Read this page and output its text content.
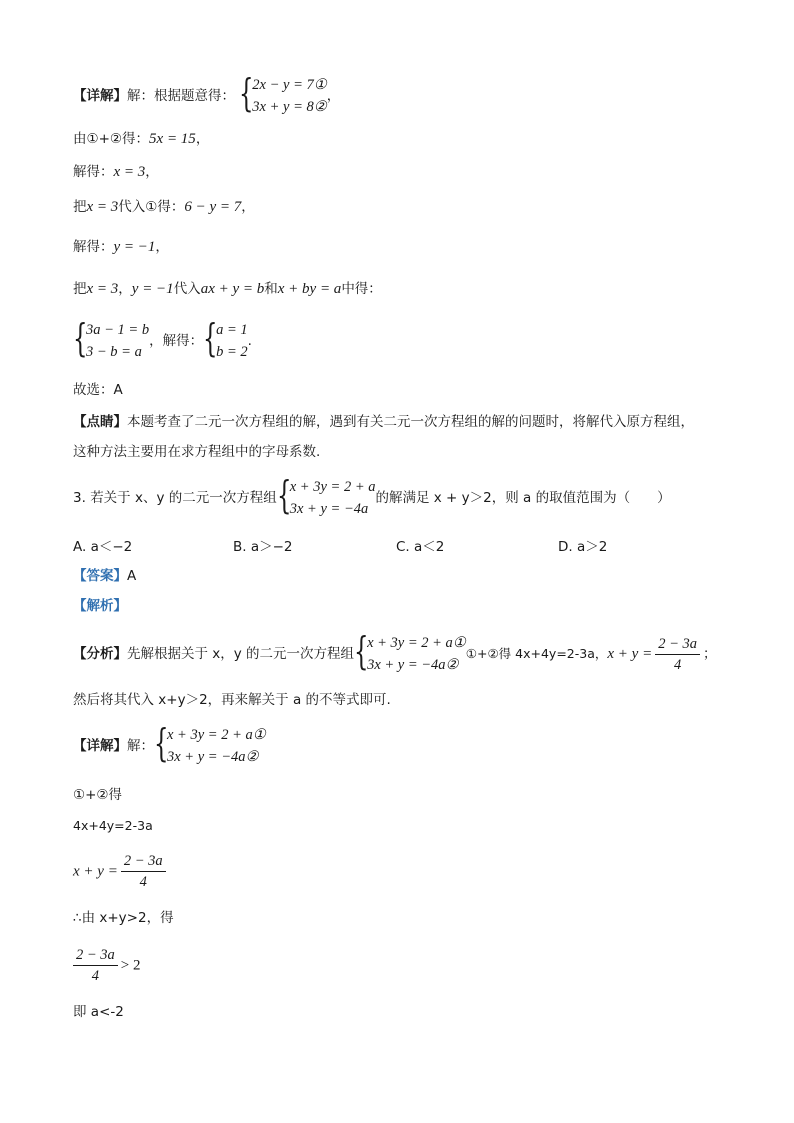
【详解】解：根据题意得： {
2x − y = 7①
3x + y = 8②
，
由①+②得：5x = 15，
解得：x = 3，
把x = 3代入①得：6 − y = 7，
解得：y = −1，
把x = 3，y = −1代入ax + y = b和x + by = a中得：
{
3a − 1 = b
3 − b = a
，解得： {
a = 1
b = 2
.
故选：A
【点睛】本题考查了二元一次方程组的解，遇到有关二元一次方程组的解的问题时，将解代入原方程组，
这种方法主要用在求方程组中的字母系数.
3. 若关于 x、y 的二元一次方程组 {
x + 3y = 2 + a
3x + y = −4a
的解满足 x + y＞2，则 a 的取值范围为（　　）
A. a＜−2	B. a＞−2	C. a＜2	D. a＞2
【答案】A
【解析】
【分析】先解根据关于 x，y 的二元一次方程组 {
x + 3y = 2 + a①
3x + y = −4a②
①+②得 4x+4y=2-3a，$x + y = \frac{2 - 3a}{4}$ ；
然后将其代入 x+y＞2，再来解关于 a 的不等式即可.
【详解】解： {
x + 3y = 2 + a①
3x + y = −4a②
①+②得
4x+4y=2-3a
$x + y = \frac{2 - 3a}{4}$
∴由 x+y>2，得
$\frac{2 - 3a}{4} > 2$
即 a<-2
